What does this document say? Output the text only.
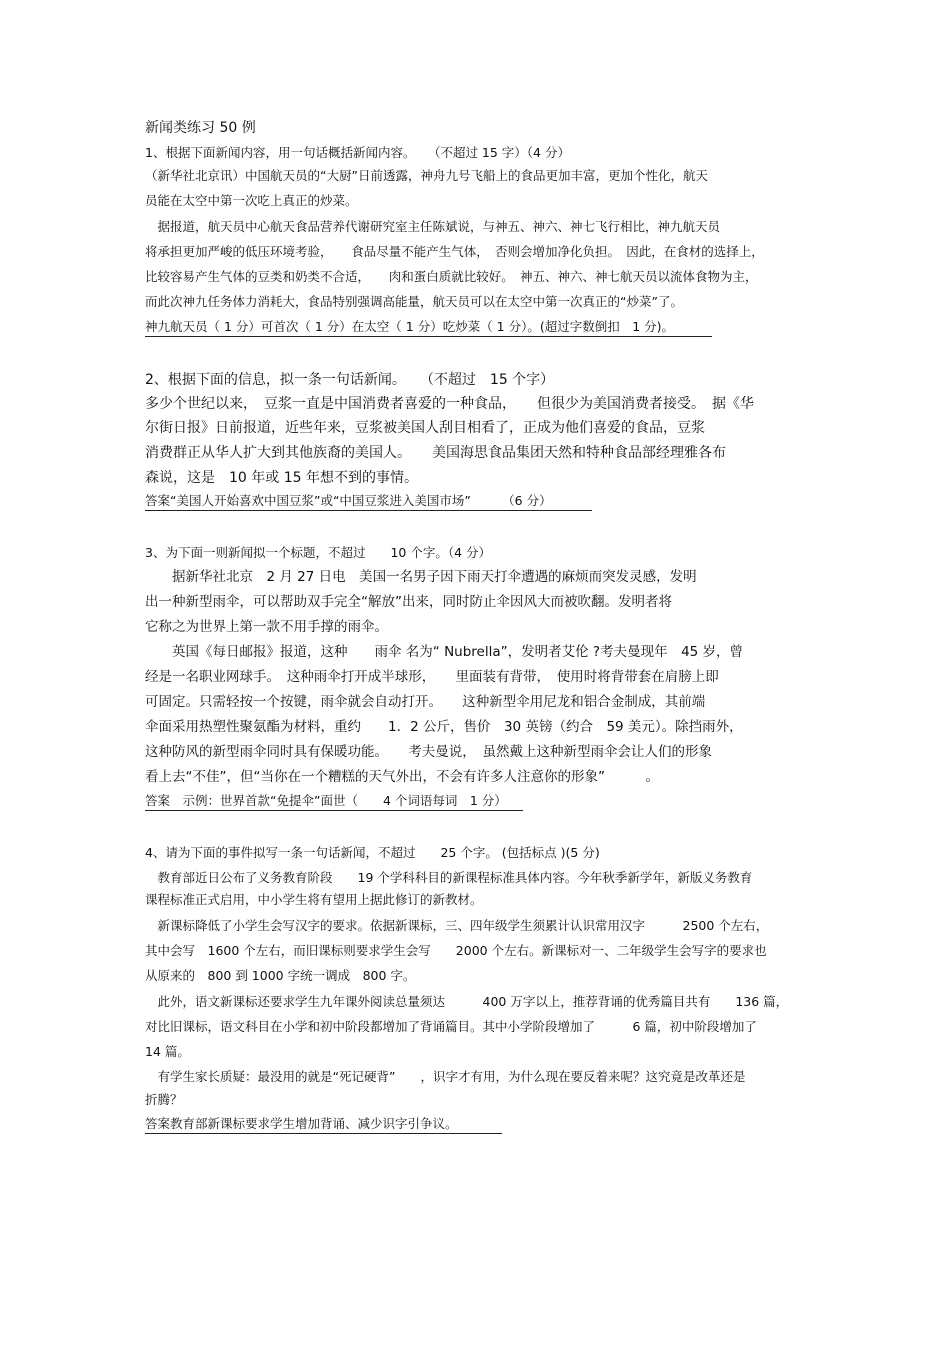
新闻类练习 50 例
1、根据下面新闻内容，用一句话概括新闻内容。　　（不超过 15 字）（4 分）
（新华社北京讯）中国航天员的“大厨”日前透露，神舟九号飞船上的食品更加丰富，更加个性化，航天
员能在太空中第一次吃上真正的炒菜。
　据报道，航天员中心航天食品营养代谢研究室主任陈斌说，与神五、神六、神七飞行相比，神九航天员
将承担更加严峻的低压环境考验，　　食品尽量不能产生气体，　否则会增加净化负担。　因此，在食材的选择上，
比较容易产生气体的豆类和奶类不合适，　　肉和蛋白质就比较好。　神五、神六、神七航天员以流体食物为主，
而此次神九任务体力消耗大，食品特别强调高能量，航天员可以在太空中第一次真正的“炒菜”了。
神九航天员（ 1 分）可首次（ 1 分）在太空（ 1 分）吃炒菜（ 1 分）。(超过字数倒扣　1 分)。
2、根据下面的信息，拟一条一句话新闻。　　（不超过　15 个字）
多少个世纪以来，　豆浆一直是中国消费者喜爱的一种食品，　　但很少为美国消费者接受。　据《华
尔街日报》日前报道，近些年来，豆浆被美国人刮目相看了，正成为他们喜爱的食品，豆浆
消费群正从华人扩大到其他族裔的美国人。　　美国海思食品集团天然和特种食品部经理雅各布
森说，这是　10 年或 15 年想不到的事情。
答案“美国人开始喜欢中国豆浆”或“中国豆浆进入美国市场”　　　（6 分）
3、为下面一则新闻拟一个标题，不超过　　10 个字。（4 分）
　　据新华社北京　2 月 27 日电　美国一名男子因下雨天打伞遭遇的麻烦而突发灵感，发明
出一种新型雨伞，可以帮助双手完全“解放”出来，同时防止伞因风大而被吹翻。发明者将
它称之为世界上第一款不用手撑的雨伞。
　　英国《每日邮报》报道，这种　　雨伞 名为“ Nubrella”，发明者艾伦 ?考夫曼现年　45 岁，曾
经是一名职业网球手。　这种雨伞打开成半球形，　　里面装有背带，　使用时将背带套在肩膀上即
可固定。只需轻按一个按键，雨伞就会自动打开。　　这种新型伞用尼龙和铝合金制成，其前端
伞面采用热塑性聚氨酯为材料，重约　　1．2 公斤，售价　30 英镑（约合　59 美元）。除挡雨外，
这种防风的新型雨伞同时具有保暖功能。　　考夫曼说，　虽然戴上这种新型雨伞会让人们的形象
看上去“不佳”，但“当你在一个糟糕的天气外出，不会有许多人注意你的形象”　　　。
答案　示例：世界首款“免提伞”面世（　　4 个词语每词　1 分）
4、请为下面的事件拟写一条一句话新闻，不超过　　25 个字。 (包括标点 )(5 分)
　教育部近日公布了义务教育阶段　　19 个学科科目的新课程标准具体内容。今年秋季新学年，新版义务教育
课程标准正式启用，中小学生将有望用上据此修订的新教材。
　新课标降低了小学生会写汉字的要求。依据新课标，三、四年级学生须累计认识常用汉字　　　2500 个左右，
其中会写　1600 个左右，而旧课标则要求学生会写　　2000 个左右。新课标对一、二年级学生会写字的要求也
从原来的　800 到 1000 字统一调成　800 字。
　此外，语文新课标还要求学生九年课外阅读总量须达　　　400 万字以上，推荐背诵的优秀篇目共有　　136 篇，
对比旧课标，语文科目在小学和初中阶段都增加了背诵篇目。其中小学阶段增加了　　　6 篇，初中阶段增加了
14 篇。
　有学生家长质疑：最没用的就是“死记硬背”　　，识字才有用，为什么现在要反着来呢？这究竟是改革还是
折腾？
答案教育部新课标要求学生增加背诵、减少识字引争议。
